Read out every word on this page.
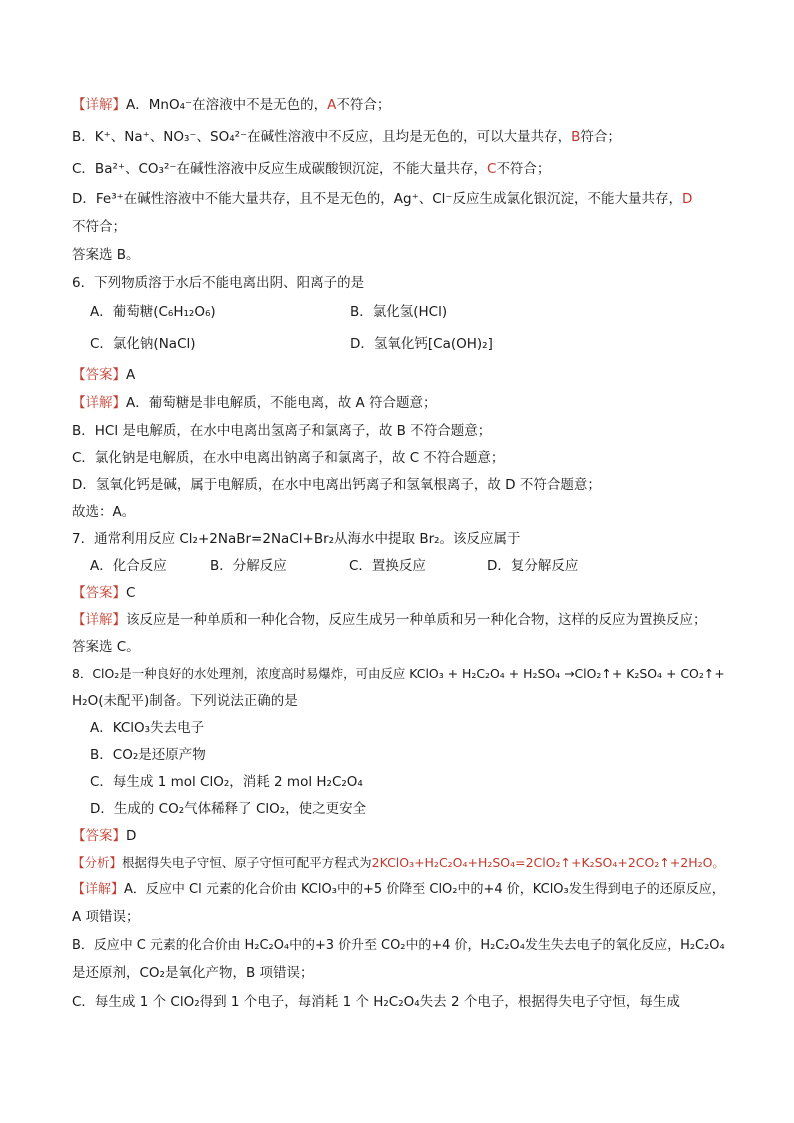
【详解】A．MnO₄⁻在溶液中不是无色的，A不符合；
B．K⁺、Na⁺、NO₃⁻、SO₄²⁻在碱性溶液中不反应，且均是无色的，可以大量共存，B符合；
C．Ba²⁺、CO₃²⁻在碱性溶液中反应生成碳酸钡沉淀，不能大量共存，C不符合；
D．Fe³⁺在碱性溶液中不能大量共存，且不是无色的，Ag⁺、Cl⁻反应生成氯化银沉淀，不能大量共存，D
不符合；
答案选 B。
6．下列物质溶于水后不能电离出阴、阳离子的是
A．葡萄糖(C₆H₁₂O₆)	B．氯化氢(HCl)
C．氯化钠(NaCl)	D．氢氧化钙[Ca(OH)₂]
【答案】A
【详解】A．葡萄糖是非电解质，不能电离，故 A 符合题意；
B．HCl 是电解质，在水中电离出氢离子和氯离子，故 B 不符合题意；
C．氯化钠是电解质，在水中电离出钠离子和氯离子，故 C 不符合题意；
D．氢氧化钙是碱，属于电解质，在水中电离出钙离子和氢氧根离子，故 D 不符合题意；
故选：A。
7．通常利用反应 Cl₂+2NaBr=2NaCl+Br₂从海水中提取 Br₂。该反应属于
A．化合反应	B．分解反应	C．置换反应	D．复分解反应
【答案】C
【详解】该反应是一种单质和一种化合物，反应生成另一种单质和另一种化合物，这样的反应为置换反应；
答案选 C。
8．ClO₂是一种良好的水处理剂，浓度高时易爆炸，可由反应 KClO₃ + H₂C₂O₄ + H₂SO₄ →ClO₂↑+ K₂SO₄ + CO₂↑+
H₂O(未配平)制备。下列说法正确的是
A．KClO₃失去电子
B．CO₂是还原产物
C．每生成 1 mol ClO₂，消耗 2 mol H₂C₂O₄
D．生成的 CO₂气体稀释了 ClO₂，使之更安全
【答案】D
【分析】根据得失电子守恒、原子守恒可配平方程式为2KClO₃+H₂C₂O₄+H₂SO₄=2ClO₂↑+K₂SO₄+2CO₂↑+2H₂O。
【详解】A．反应中 Cl 元素的化合价由 KClO₃中的+5 价降至 ClO₂中的+4 价，KClO₃发生得到电子的还原反应，
A 项错误；
B．反应中 C 元素的化合价由 H₂C₂O₄中的+3 价升至 CO₂中的+4 价，H₂C₂O₄发生失去电子的氧化反应，H₂C₂O₄
是还原剂，CO₂是氧化产物，B 项错误；
C．每生成 1 个 ClO₂得到 1 个电子，每消耗 1 个 H₂C₂O₄失去 2 个电子，根据得失电子守恒，每生成
